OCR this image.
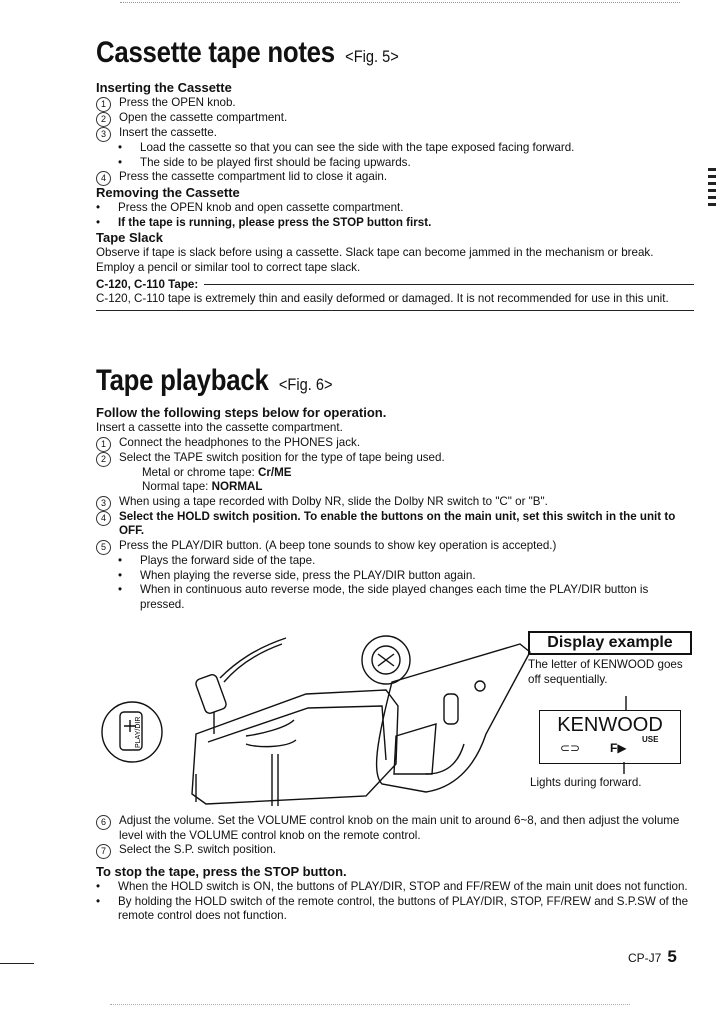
Cassette tape notes <Fig. 5>
Inserting the Cassette
1	Press the OPEN knob.
2	Open the cassette compartment.
3	Insert the cassette.
•
Load the cassette so that you can see the side with the tape exposed facing forward.
•
The side to be played first should be facing upwards.
4	Press the cassette compartment lid to close it again.
Removing the Cassette
•
Press the OPEN knob and open cassette compartment.
•
If the tape is running, please press the STOP button first.
Tape Slack

Observe if tape is slack before using a cassette. Slack tape can become jammed in the mechanism or break. Employ a pencil or similar tool to correct tape slack.

C-120, C-110 Tape:

C-120, C-110 tape is extremely thin and easily deformed or damaged. It is not recommended for use in this unit.

Tape playback <Fig. 6>
Follow the following steps below for operation.

Insert a cassette into the cassette compartment.

1	Connect the headphones to the PHONES jack.
2	Select the TAPE switch position for the type of tape being used.
Metal or chrome tape: Cr/ME
Normal tape: NORMAL
3	When using a tape recorded with Dolby NR, slide the Dolby NR switch to "C" or "B".
4	Select the HOLD switch position. To enable the buttons on the main unit, set this switch in the unit to OFF.
5	Press the PLAY/DIR button. (A beep tone sounds to show key operation is accepted.)
•
Plays the forward side of the tape.
•
When playing the reverse side, press the PLAY/DIR button again.
•
When in continuous auto reverse mode, the side played changes each time the PLAY/DIR button is pressed.
PLAY/DIR
Display example
The letter of KENWOOD goes off sequentially.
KENWOOD
⊂⊃ F▶
USE
Lights during forward.
6	Adjust the volume. Set the VOLUME control knob on the main unit to around 6~8, and then adjust the volume level with the VOLUME control knob on the remote control.
7	Select the S.P. switch position.
To stop the tape, press the STOP button.
•
When the HOLD switch is ON, the buttons of PLAY/DIR, STOP and FF/REW of the main unit does not function.
•
By holding the HOLD switch of the remote control, the buttons of PLAY/DIR, STOP, FF/REW and S.P.SW of the remote control does not function.
CP-J7 5
